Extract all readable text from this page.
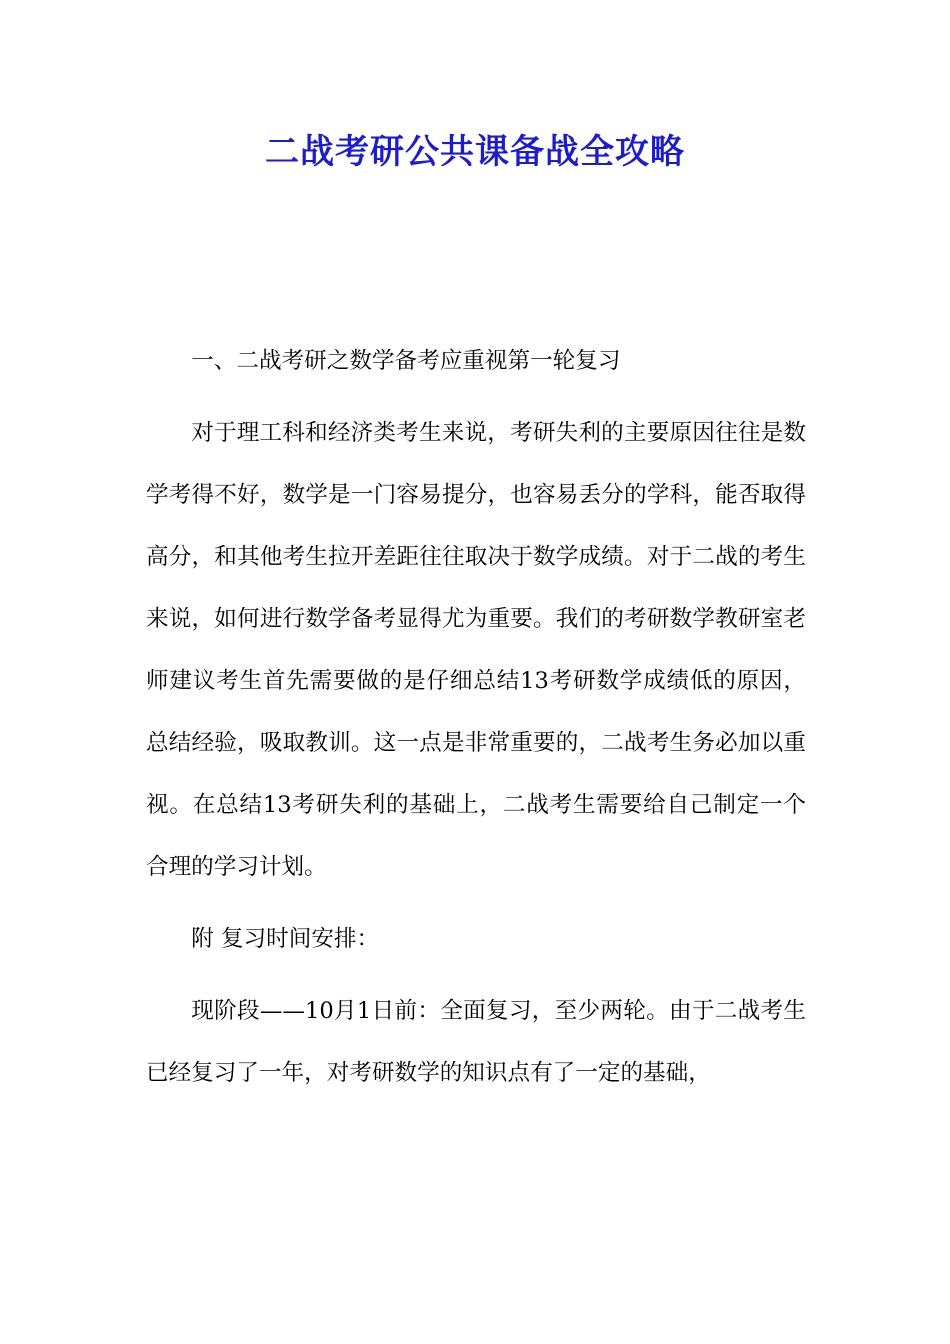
二战考研公共课备战全攻略

一、二战考研之数学备考应重视第一轮复习

对于理工科和经济类考生来说，考研失利的主要原因往往是数学考得不好，数学是一门容易提分，也容易丢分的学科，能否取得高分，和其他考生拉开差距往往取决于数学成绩。对于二战的考生来说，如何进行数学备考显得尤为重要。我们的考研数学教研室老师建议考生首先需要做的是仔细总结13考研数学成绩低的原因，总结经验，吸取教训。这一点是非常重要的，二战考生务必加以重视。在总结13考研失利的基础上，二战考生需要给自己制定一个合理的学习计划。

附 复习时间安排：

现阶段——10月1日前：全面复习，至少两轮。由于二战考生已经复习了一年，对考研数学的知识点有了一定的基础，
